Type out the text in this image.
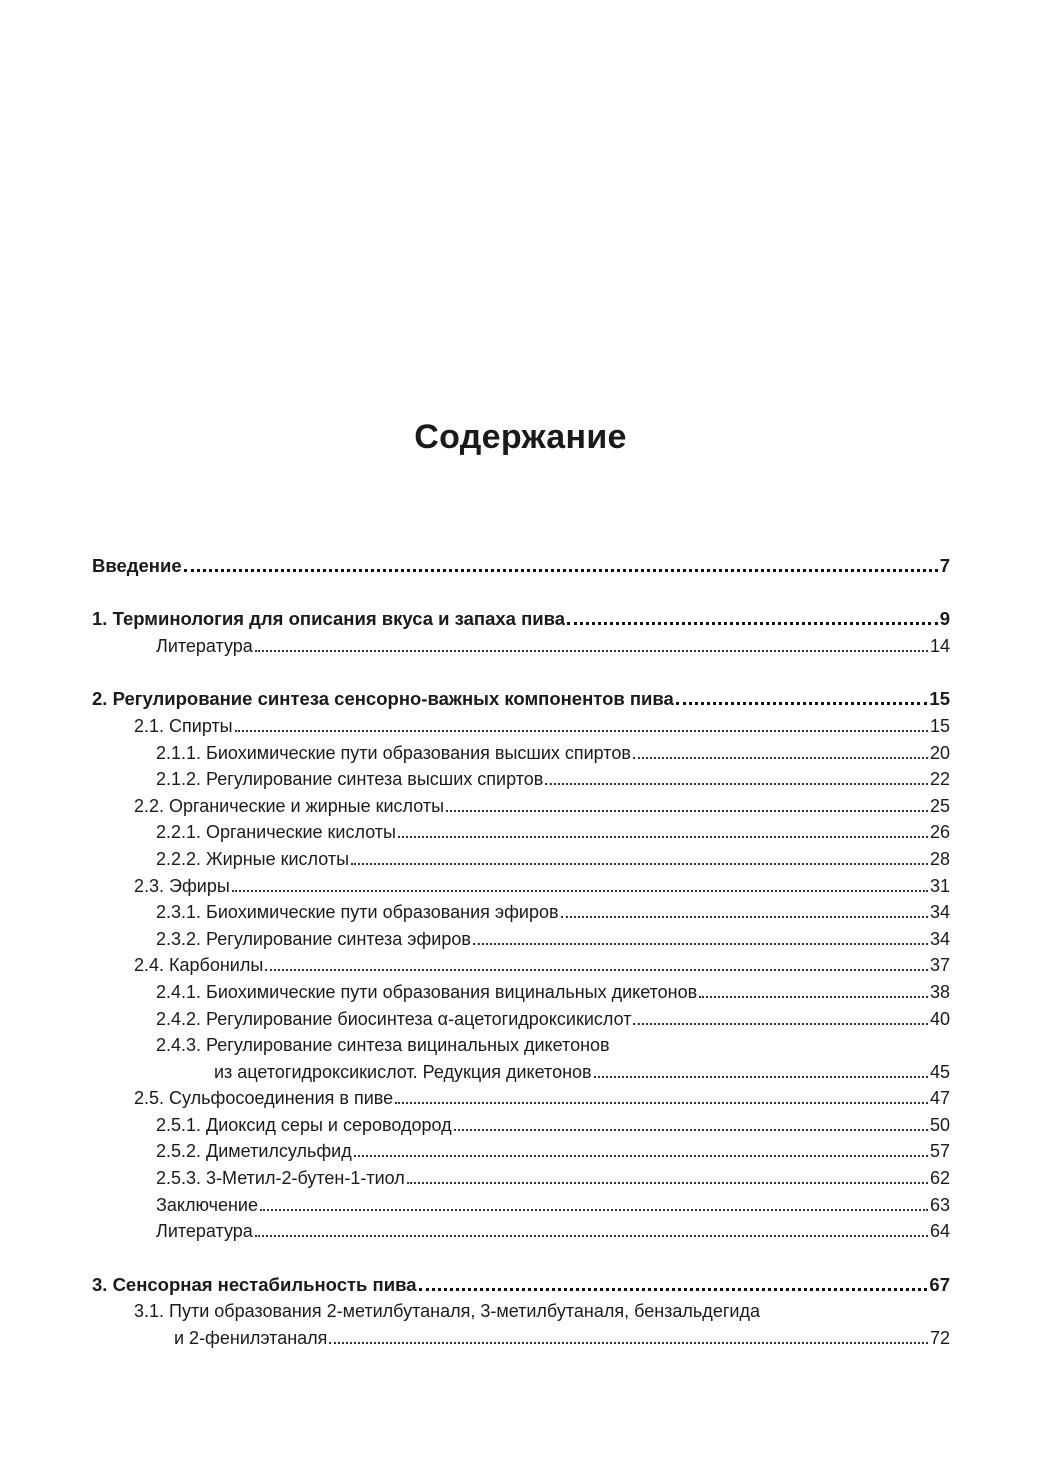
Содержание
Введение	7
1. Терминология для описания вкуса и запаха пива	9
Литература	14
2. Регулирование синтеза сенсорно-важных компонентов пива	15
2.1. Спирты	15
2.1.1. Биохимические пути образования высших спиртов	20
2.1.2. Регулирование синтеза высших спиртов	22
2.2. Органические и жирные кислоты	25
2.2.1. Органические кислоты	26
2.2.2. Жирные кислоты	28
2.3. Эфиры	31
2.3.1. Биохимические пути образования эфиров	34
2.3.2. Регулирование синтеза эфиров	34
2.4. Карбонилы	37
2.4.1. Биохимические пути образования вицинальных дикетонов	38
2.4.2. Регулирование биосинтеза α-ацетогидроксикислот	40
2.4.3. Регулирование синтеза вицинальных дикетонов
из ацетогидроксикислот. Редукция дикетонов	45
2.5. Сульфосоединения в пиве	47
2.5.1. Диоксид серы и сероводород	50
2.5.2. Диметилсульфид	57
2.5.3. 3-Метил-2-бутен-1-тиол	62
Заключение	63
Литература	64
3. Сенсорная нестабильность пива	67
3.1. Пути образования 2-метилбутаналя, 3-метилбутаналя, бензальдегида
и 2-фенилэтаналя	72
